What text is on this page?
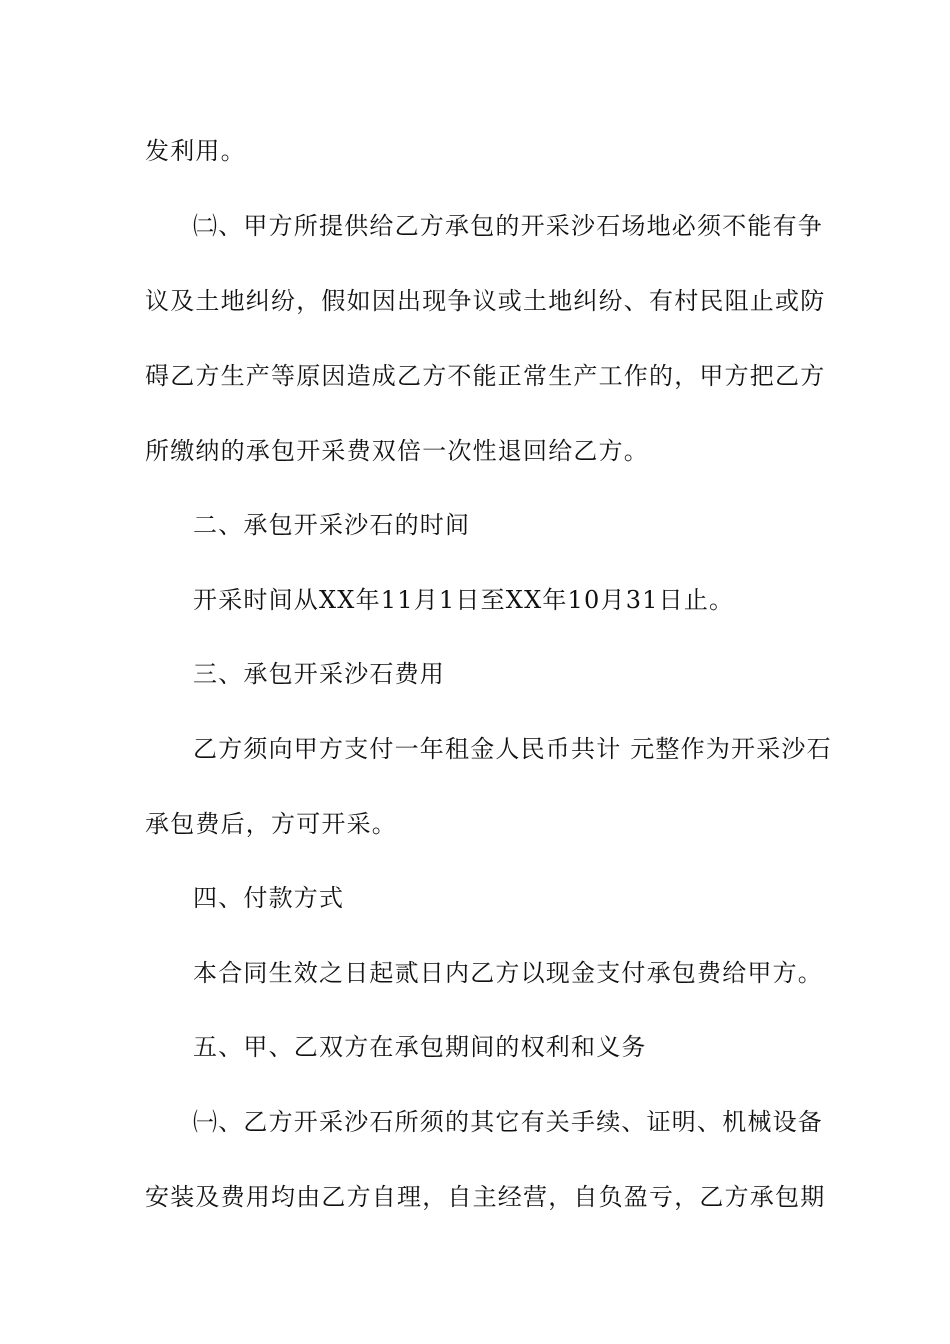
发利用。

㈡、甲方所提供给乙方承包的开采沙石场地必须不能有争

议及土地纠纷，假如因出现争议或土地纠纷、有村民阻止或防

碍乙方生产等原因造成乙方不能正常生产工作的，甲方把乙方

所缴纳的承包开采费双倍一次性退回给乙方。

二、承包开采沙石的时间

开采时间从XX年11月1日至XX年10月31日止。

三、承包开采沙石费用

乙方须向甲方支付一年租金人民币共计 元整作为开采沙石

承包费后，方可开采。

四、付款方式

本合同生效之日起贰日内乙方以现金支付承包费给甲方。

五、甲、乙双方在承包期间的权利和义务

㈠、乙方开采沙石所须的其它有关手续、证明、机械设备

安装及费用均由乙方自理，自主经营，自负盈亏，乙方承包期
